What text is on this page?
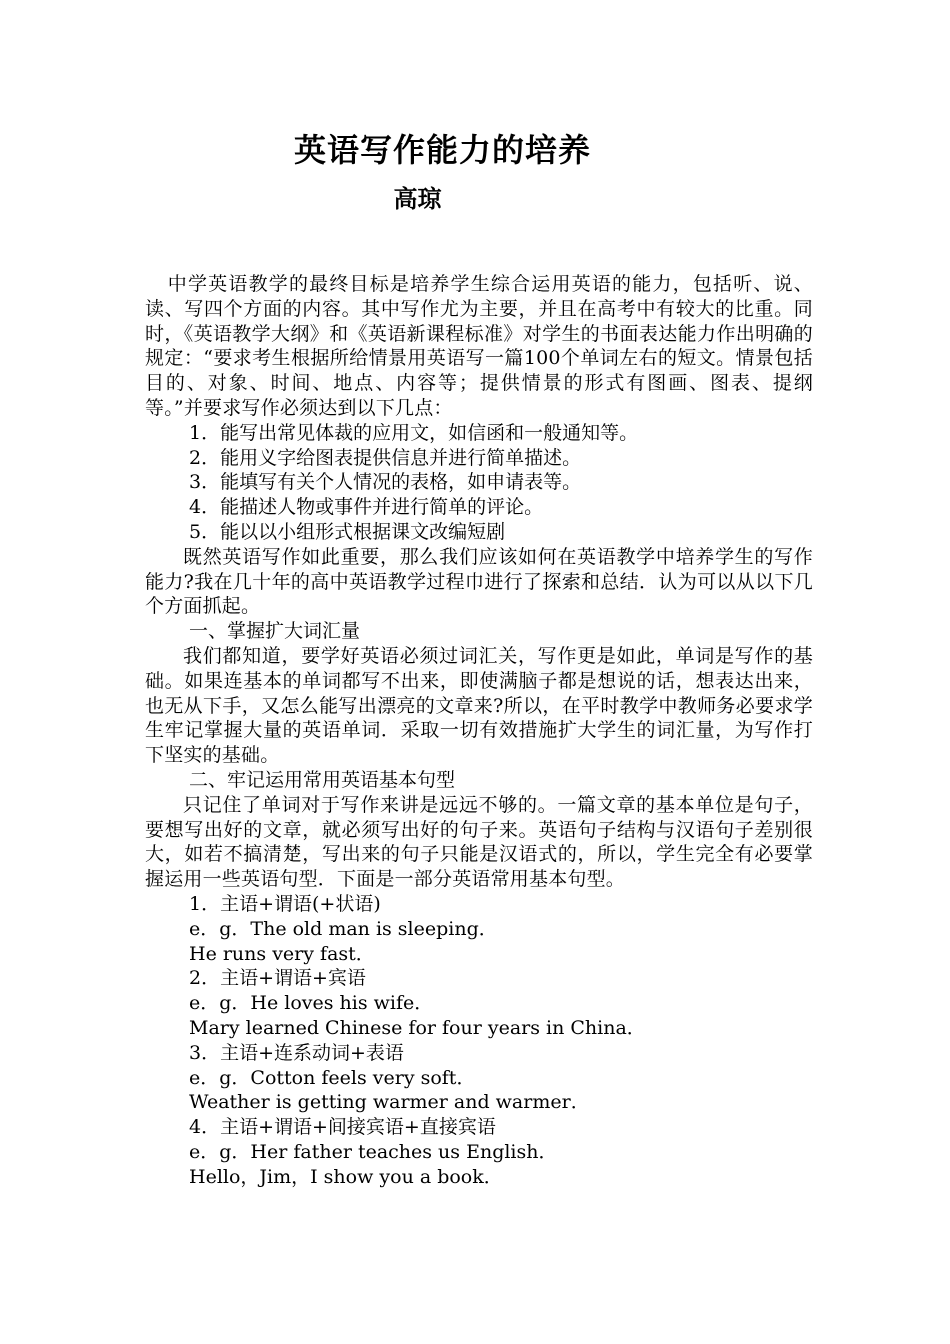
英语写作能力的培养
高琼

中学英语教学的最终目标是培养学生综合运用英语的能力，包括听、说、读、写四个方面的内容。其中写作尤为主要，并且在高考中有较大的比重。同时，《英语教学大纲》和《英语新课程标准》对学生的书面表达能力作出明确的规定：“要求考生根据所给情景用英语写一篇100个单词左右的短文。情景包括目的、对象、时间、地点、内容等；提供情景的形式有图画、图表、提纲等。”并要求写作必须达到以下几点：

1．能写出常见体裁的应用文，如信函和一般通知等。

2．能用义字给图表提供信息并进行简单描述。

3．能填写有关个人情况的表格，如申请表等。

4．能描述人物或事件并进行简单的评论。

5．能以以小组形式根据课文改编短剧

既然英语写作如此重要，那么我们应该如何在英语教学中培养学生的写作能力?我在几十年的高中英语教学过程巾进行了探索和总结．认为可以从以下几个方面抓起。

一、掌握扩大词汇量

我们都知道，要学好英语必须过词汇关，写作更是如此，单词是写作的基础。如果连基本的单词都写不出来，即使满脑子都是想说的话，想表达出来，也无从下手，又怎么能写出漂亮的文章来?所以，在平时教学中教师务必要求学生牢记掌握大量的英语单词．采取一切有效措施扩大学生的词汇量，为写作打下坚实的基础。

二、牢记运用常用英语基本句型

只记住了单词对于写作来讲是远远不够的。一篇文章的基本单位是句子，要想写出好的文章，就必须写出好的句子来。英语句子结构与汉语句子差别很大，如若不搞清楚，写出来的句子只能是汉语式的，所以，学生完全有必要掌握运用一些英语句型．下面是一部分英语常用基本句型。

1．主语+谓语(+状语)

e．g．The old man is sleeping．

He runs very fast．

2．主语+谓语+宾语

e．g．He loves his wife．

Mary learned Chinese for four years in China．

3．主语+连系动词+表语

e．g．Cotton feels very soft．

Weather is getting warmer and warmer．

4．主语+谓语+间接宾语+直接宾语

e．g．Her father teaches us English．

Hello，Jim，I show you a book．
